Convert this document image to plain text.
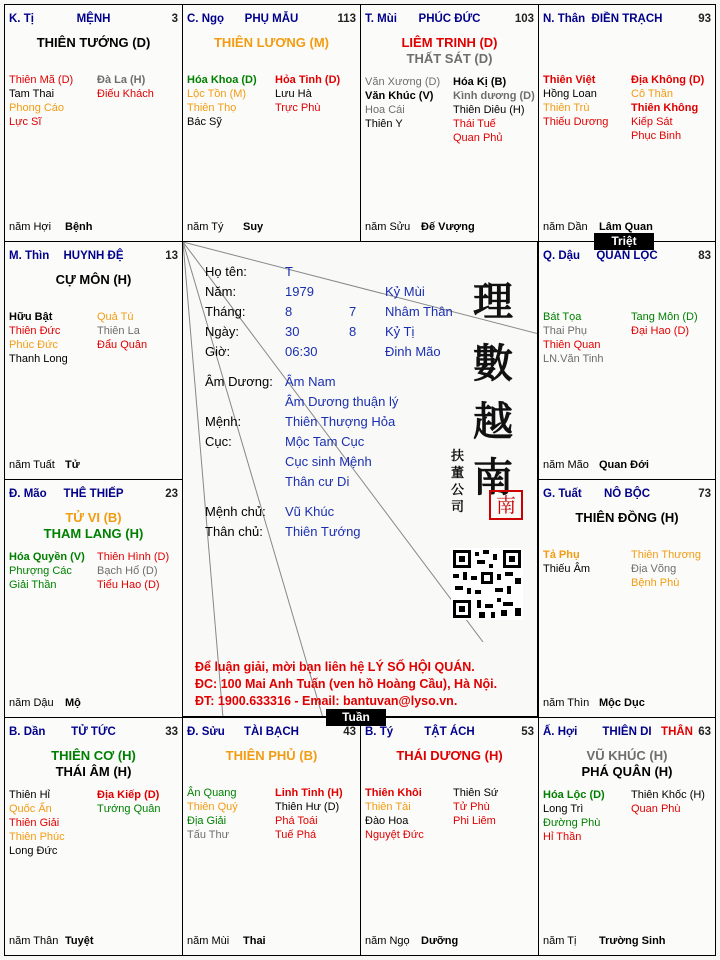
Họ tên:	T
Năm:	1979	Kỷ Mùi
Tháng:	8	7 Nhâm Thân
Ngày:	30	8 Kỷ Tị
Giờ:	06:30	Đinh Mão
Âm Dương: Âm Nam
Âm Dương thuận lý
Mệnh:	Thiên Thượng Hỏa
Cục:	Mộc Tam Cục
Cục sinh Mệnh
Thân cư Di
Mệnh chủ: Vũ Khúc
Thân chủ: Thiên Tướng
理
數
越
南
扶
董
公
司	南
Để luận giải, mời bạn liên hệ LÝ SỐ HỘI QUÁN.
ĐC: 100 Mai Anh Tuấn (ven hồ Hoàng Cầu), Hà Nội.
ĐT: 1900.633316 - Email: bantuvan@lyso.vn.
K. Tị	MỆNH	3
THIÊN TƯỚNG (D)
Thiên Mã (D)
Tam Thai
Phong Cáo
Lực Sĩ
Đà La (H)
Điếu Khách
năm Hợi Bệnh
C. Ngọ	PHỤ MẪU	113
THIÊN LƯƠNG (M)
Hóa Khoa (D)
Lộc Tồn (M)
Thiên Thọ
Bác Sỹ
Hỏa Tinh (D)
Lưu Hà
Trực Phù
năm Tý Suy
T. Mùi	PHÚC ĐỨC	103
LIÊM TRINH (D)
THẤT SÁT (D)
Văn Xương (D)
Văn Khúc (V)
Hoa Cái
Thiên Y
Hóa Kị (B)
Kình dương (D)
Thiên Diêu (H)
Thái Tuế
Quan Phủ
năm Sửu Đế Vượng
N. Thân ĐIỀN TRẠCH	93
Thiên Việt
Hồng Loan
Thiên Trù
Thiếu Dương
Địa Không (D)
Cô Thần
Thiên Không
Kiếp Sát
Phục Binh
năm Dần Lâm Quan
Q. Dậu	QUAN LỘC	83
Bát Tọa
Thai Phụ
Thiên Quan
LN.Văn Tinh
Tang Môn (D)
Đại Hao (D)
năm Mão Quan Đới
G. Tuất	NÔ BỘC	73
THIÊN ĐỒNG (H)
Tả Phụ
Thiếu Âm
Thiên Thương
Địa Võng
Bệnh Phù
năm Thìn Mộc Dục
Ấ. Hợi	THIÊN DI THÂN 63
VŨ KHÚC (H)
PHÁ QUÂN (H)
Hóa Lộc (D)
Long Trì
Đường Phù
Hỉ Thần
Thiên Khốc (H)
Quan Phù
năm Tị Trường Sinh
B. Tý	TẬT ÁCH	53
THÁI DƯƠNG (H)
Thiên Khôi
Thiên Tài
Đào Hoa
Nguyệt Đức
Thiên Sứ
Tử Phù
Phi Liêm
năm Ngọ Dưỡng
Đ. Sửu	TÀI BẠCH	43
THIÊN PHỦ (B)
Ân Quang
Thiên Quý
Địa Giải
Tấu Thư
Linh Tinh (H)
Thiên Hư (D)
Phá Toái
Tuế Phá
năm Mùi Thai
B. Dần	TỬ TỨC	33
THIÊN CƠ (H)
THÁI ÂM (H)
Thiên Hỉ
Quốc Ấn
Thiên Giải
Thiên Phúc
Long Đức
Địa Kiếp (D)
Tướng Quân
năm Thân Tuyệt
Đ. Mão	THÊ THIẾP	23
TỬ VI (B)
THAM LANG (H)
Hóa Quyền (V)
Phượng Các
Giải Thần
Thiên Hình (D)
Bạch Hổ (D)
Tiểu Hao (D)
năm Dậu Mộ
M. Thìn	HUYNH ĐỆ	13
CỰ MÔN (H)
Hữu Bật
Thiên Đức
Phúc Đức
Thanh Long
Quả Tú
Thiên La
Đẩu Quân
năm Tuất Tử
Triệt
Tuần
